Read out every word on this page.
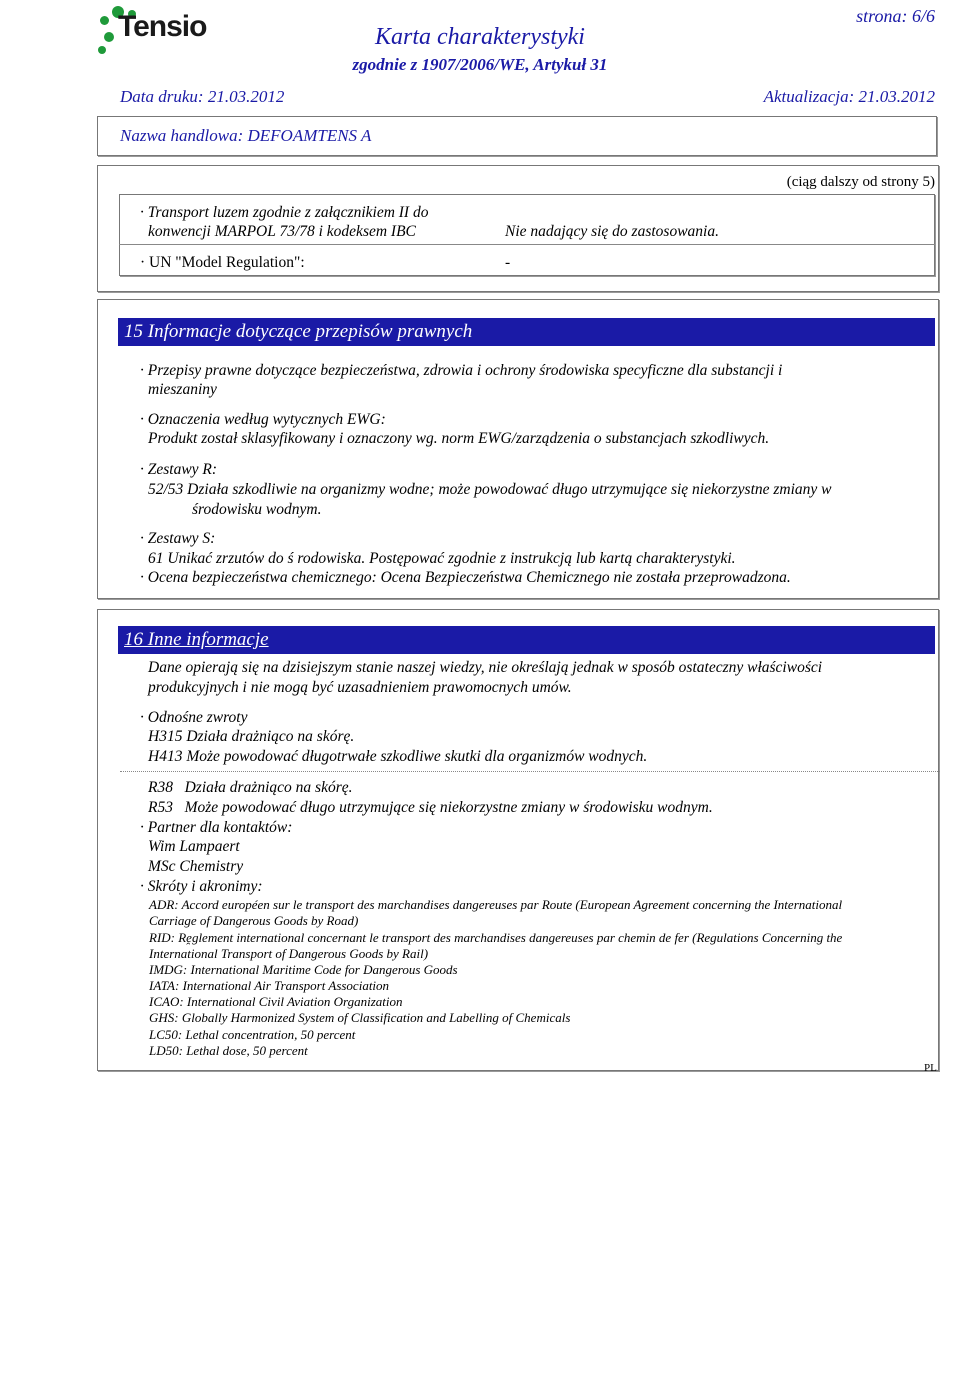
Tensio	Karta charakterystyki
zgodnie z 1907/2006/WE, Artykuł 31
strona: 6/6
Data druku: 21.03.2012	Aktualizacja: 21.03.2012
Nazwa handlowa: DEFOAMTENS A
(ciąg dalszy od strony 5)
· Transport luzem zgodnie z załącznikiem II do
konwencji MARPOL 73/78 i kodeksem IBC	Nie nadający się do zastosowania.
· UN "Model Regulation":	-
15 Informacje dotyczące przepisów prawnych
· Przepisy prawne dotyczące bezpieczeństwa, zdrowia i ochrony środowiska specyficzne dla substancji i
mieszaniny
· Oznaczenia według wytycznych EWG:
Produkt został sklasyfikowany i oznaczony wg. norm EWG/zarządzenia o substancjach szkodliwych.
· Zestawy R:
52/53 Działa szkodliwie na organizmy wodne; może powodować długo utrzymujące się niekorzystne zmiany w
środowisku wodnym.
· Zestawy S:
61 Unikać zrzutów do ś rodowiska. Postępować zgodnie z instrukcją lub kartą charakterystyki.
· Ocena bezpieczeństwa chemicznego: Ocena Bezpieczeństwa Chemicznego nie została przeprowadzona.
16 Inne informacje
Dane opierają się na dzisiejszym stanie naszej wiedzy, nie określają jednak w sposób ostateczny właściwości
produkcyjnych i nie mogą być uzasadnieniem prawomocnych umów.
· Odnośne zwroty
H315 Działa drażniąco na skórę.
H413 Może powodować długotrwałe szkodliwe skutki dla organizmów wodnych.
R38   Działa drażniąco na skórę.
R53   Może powodować długo utrzymujące się niekorzystne zmiany w środowisku wodnym.
· Partner dla kontaktów:
Wim Lampaert
MSc Chemistry
· Skróty i akronimy:
ADR: Accord européen sur le transport des marchandises dangereuses par Route (European Agreement concerning the International
Carriage of Dangerous Goods by Road)
RID: Rḙglement international concernant le transport des marchandises dangereuses par chemin de fer (Regulations Concerning the
International Transport of Dangerous Goods by Rail)
IMDG: International Maritime Code for Dangerous Goods
IATA: International Air Transport Association
ICAO: International Civil Aviation Organization
GHS: Globally Harmonized System of Classification and Labelling of Chemicals
LC50: Lethal concentration, 50 percent
LD50: Lethal dose, 50 percent
PL
